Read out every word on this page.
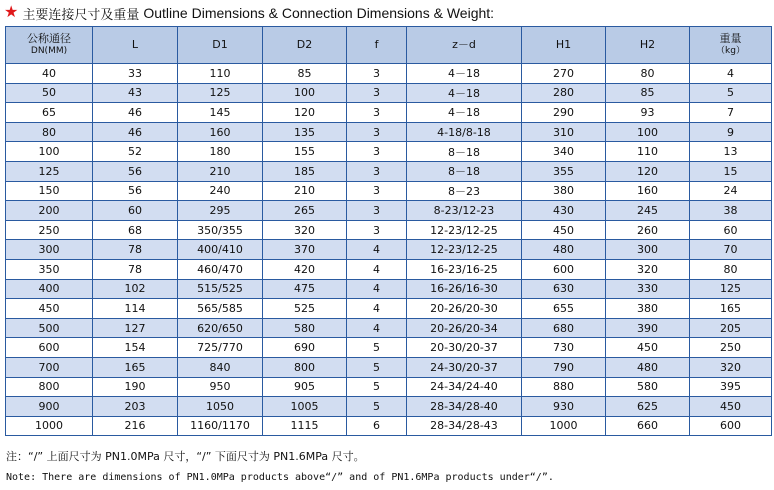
★ 主要连接尺寸及重量 Outline Dimensions & Connection Dimensions & Weight:
公称通径
DN(MM)	L	D1	D2	f	z－d	H1	H2	重量
（kg）

40	33	110	85	3	4－18	270	80	4
50	43	125	100	3	4－18	280	85	5
65	46	145	120	3	4－18	290	93	7
80	46	160	135	3	4-18/8-18	310	100	9
100	52	180	155	3	8－18	340	110	13
125	56	210	185	3	8－18	355	120	15
150	56	240	210	3	8－23	380	160	24
200	60	295	265	3	8-23/12-23	430	245	38
250	68	350/355	320	3	12-23/12-25	450	260	60
300	78	400/410	370	4	12-23/12-25	480	300	70
350	78	460/470	420	4	16-23/16-25	600	320	80
400	102	515/525	475	4	16-26/16-30	630	330	125
450	114	565/585	525	4	20-26/20-30	655	380	165
500	127	620/650	580	4	20-26/20-34	680	390	205
600	154	725/770	690	5	20-30/20-37	730	450	250
700	165	840	800	5	24-30/20-37	790	480	320
800	190	950	905	5	24-34/24-40	880	580	395
900	203	1050	1005	5	28-34/28-40	930	625	450
1000	216	1160/1170	1115	6	28-34/28-43	1000	660	600
注：“/” 上面尺寸为 PN1.0MPa 尺寸，“/” 下面尺寸为 PN1.6MPa 尺寸。
Note: There are dimensions of PN1.0MPa products above“/” and of PN1.6MPa products under“/”.
